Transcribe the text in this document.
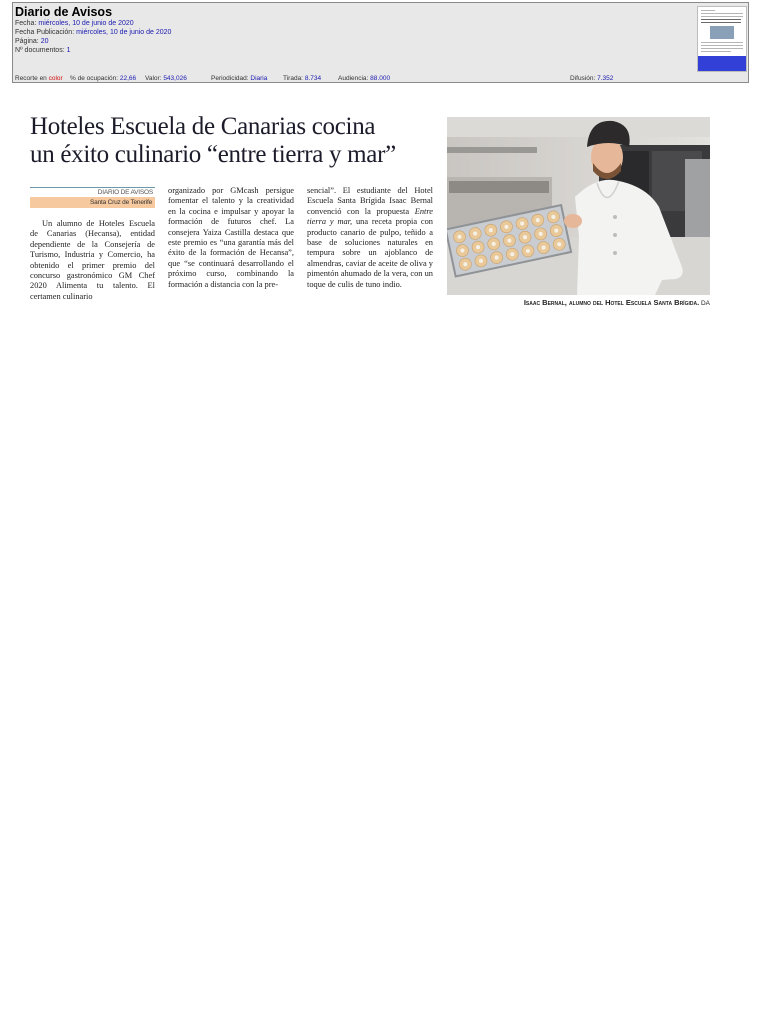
Diario de Avisos
Fecha: miércoles, 10 de junio de 2020
Fecha Publicación: miércoles, 10 de junio de 2020
Página: 20
Nº documentos: 1
Recorte en color % de ocupación: 22,66 Valor: 543,026	Periodicidad: Diaria Tirada: 8.734	Audiencia: 88.000	Difusión: 7.352
Hoteles Escuela de Canarias cocina
un éxito culinario “entre tierra y mar”
DIARIO DE AVISOS
Santa Cruz de Tenerife

Un alumno de Hoteles Escuela de Canarias (Hecansa), entidad dependiente de la Consejería de Turismo, Industria y Comercio, ha obtenido el primer premio del concurso gastronómico GM Chef 2020 Alimenta tu talento. El certamen culinario

organizado por GMcash persigue fomentar el talento y la creatividad en la cocina e impulsar y apoyar la formación de futuros chef. La consejera Yaiza Castilla destaca que este premio es “una garantía más del éxito de la formación de Hecansa”, que “se continuará desarrollando el próximo curso, combinando la formación a distancia con la pre-

sencial”. El estudiante del Hotel Escuela Santa Brígida Isaac Bernal convenció con la propuesta Entre tierra y mar, una receta propia con producto canario de pulpo, teñido a base de soluciones naturales en tempura sobre un ajoblanco de almendras, caviar de aceite de oliva y pimentón ahumado de la vera, con un toque de culis de tuno indio.

Isaac Bernal, alumno del Hotel Escuela Santa Brígida. DA
